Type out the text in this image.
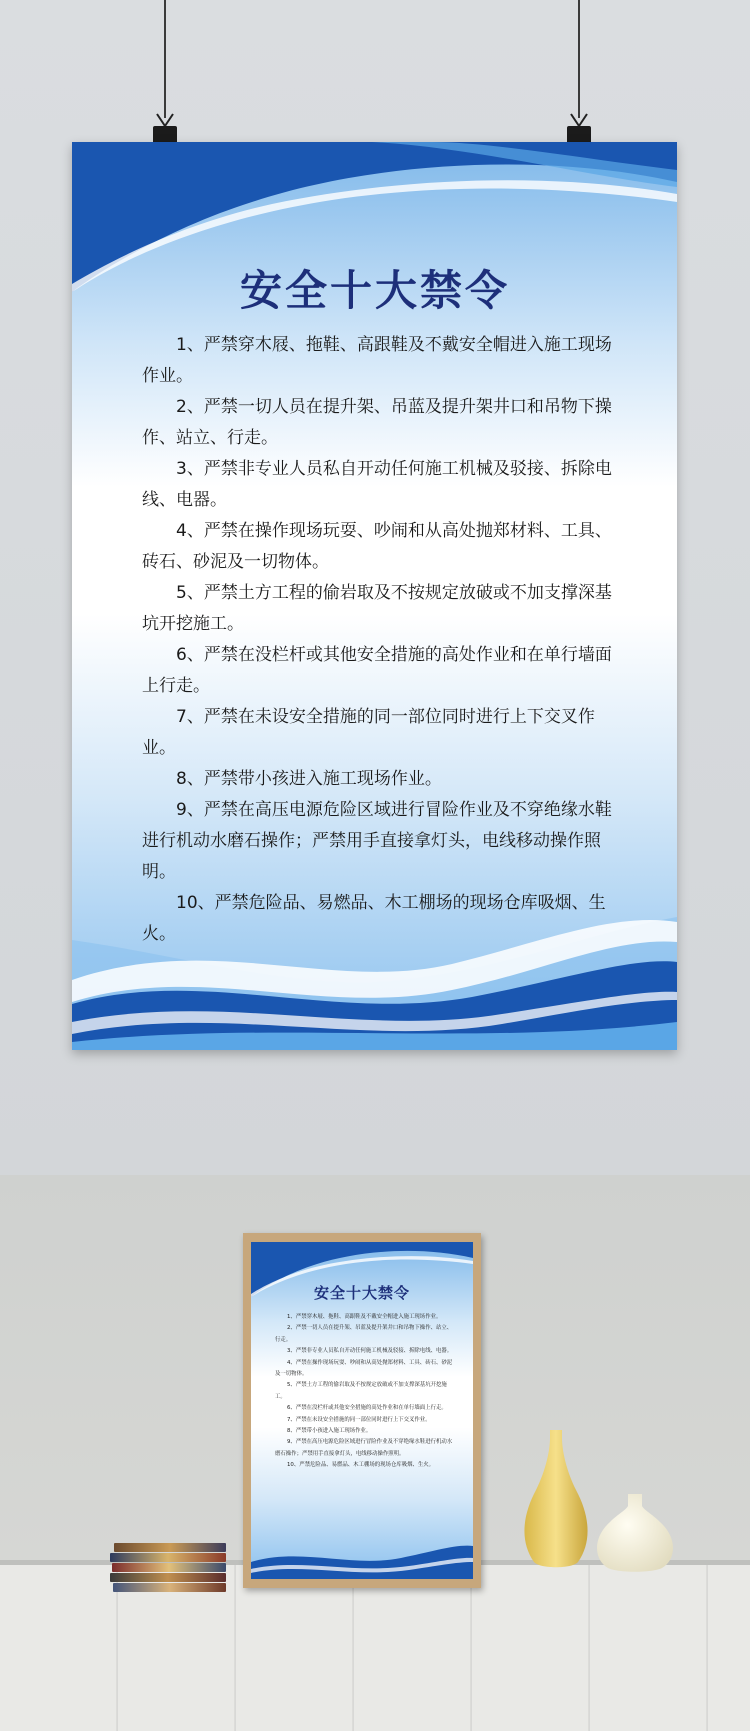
安全十大禁令

1、严禁穿木屐、拖鞋、高跟鞋及不戴安全帽进入施工现场作业。

2、严禁一切人员在提升架、吊蓝及提升架井口和吊物下操作、站立、行走。

3、严禁非专业人员私自开动任何施工机械及驳接、拆除电线、电器。

4、严禁在操作现场玩耍、吵闹和从高处抛郑材料、工具、砖石、砂泥及一切物体。

5、严禁土方工程的偷岩取及不按规定放破或不加支撑深基坑开挖施工。

6、严禁在没栏杆或其他安全措施的高处作业和在单行墙面上行走。

7、严禁在未设安全措施的同一部位同时进行上下交叉作业。

8、严禁带小孩进入施工现场作业。

9、严禁在高压电源危险区域进行冒险作业及不穿绝缘水鞋进行机动水磨石操作；严禁用手直接拿灯头，电线移动操作照明。

10、严禁危险品、易燃品、木工棚场的现场仓库吸烟、生火。

安全十大禁令

1、严禁穿木屐、拖鞋、高跟鞋及不戴安全帽进入施工现场作业。

2、严禁一切人员在提升架、吊蓝及提升架井口和吊物下操作、站立、行走。

3、严禁非专业人员私自开动任何施工机械及驳接、拆除电线、电器。

4、严禁在操作现场玩耍、吵闹和从高处抛郑材料、工具、砖石、砂泥及一切物体。

5、严禁土方工程的偷岩取及不按规定放破或不加支撑深基坑开挖施工。

6、严禁在没栏杆或其他安全措施的高处作业和在单行墙面上行走。

7、严禁在未设安全措施的同一部位同时进行上下交叉作业。

8、严禁带小孩进入施工现场作业。

9、严禁在高压电源危险区域进行冒险作业及不穿绝缘水鞋进行机动水磨石操作；严禁用手直接拿灯头，电线移动操作照明。

10、严禁危险品、易燃品、木工棚场的现场仓库吸烟、生火。
